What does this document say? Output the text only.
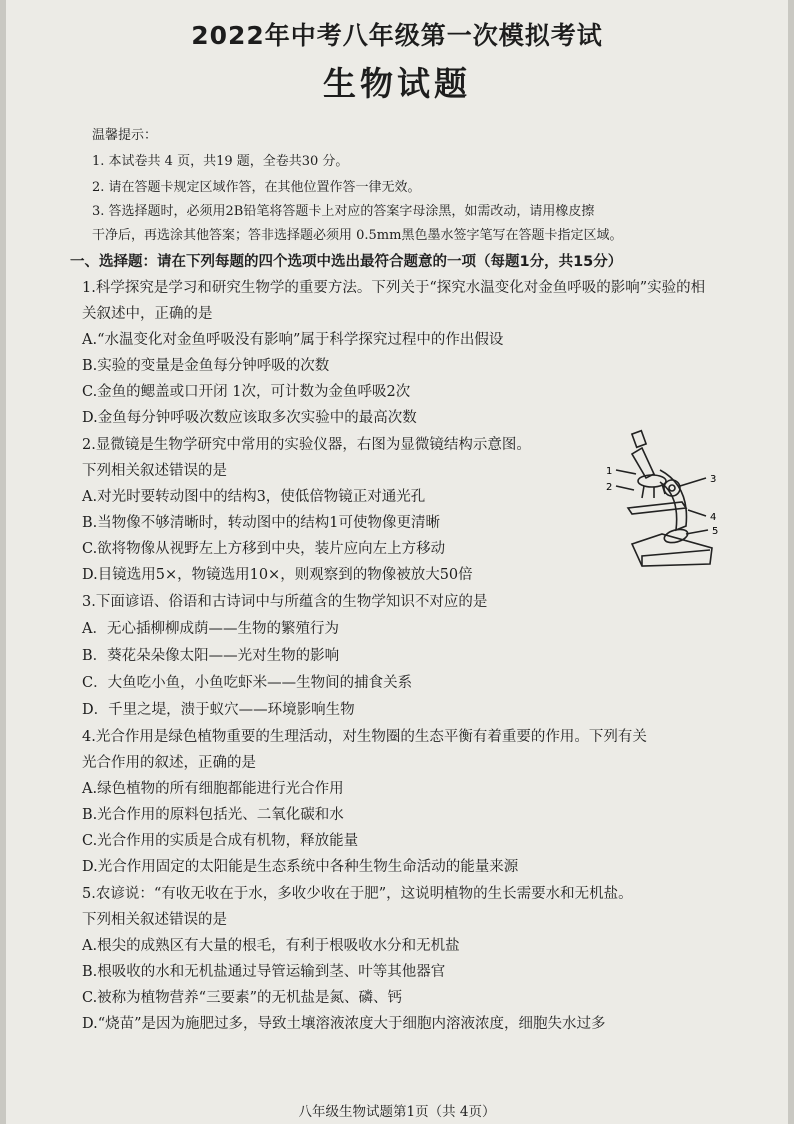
2022年中考八年级第一次模拟考试
生物试题
温馨提示：
1. 本试卷共 4 页，共19 题，全卷共30 分。
2. 请在答题卡规定区域作答，在其他位置作答一律无效。
3. 答选择题时，必须用2B铅笔将答题卡上对应的答案字母涂黑，如需改动，请用橡皮擦
干净后，再选涂其他答案；答非选择题必须用 0.5mm黑色墨水签字笔写在答题卡指定区域。
一、选择题：请在下列每题的四个选项中选出最符合题意的一项（每题1分，共15分）
1.科学探究是学习和研究生物学的重要方法。下列关于“探究水温变化对金鱼呼吸的影响”实验的相
关叙述中，正确的是
A.“水温变化对金鱼呼吸没有影响”属于科学探究过程中的作出假设
B.实验的变量是金鱼每分钟呼吸的次数
C.金鱼的鳃盖或口开闭 1次，可计数为金鱼呼吸2次
D.金鱼每分钟呼吸次数应该取多次实验中的最高次数
2.显微镜是生物学研究中常用的实验仪器，右图为显微镜结构示意图。
下列相关叙述错误的是
A.对光时要转动图中的结构3，使低倍物镜正对通光孔
B.当物像不够清晰时，转动图中的结构1可使物像更清晰
C.欲将物像从视野左上方移到中央，装片应向左上方移动
D.目镜选用5×，物镜选用10×，则观察到的物像被放大50倍
1
2
3
4
5
3.下面谚语、俗语和古诗词中与所蕴含的生物学知识不对应的是
A．无心插柳柳成荫——生物的繁殖行为
B．葵花朵朵像太阳——光对生物的影响
C．大鱼吃小鱼，小鱼吃虾米——生物间的捕食关系
D．千里之堤，溃于蚁穴——环境影响生物
4.光合作用是绿色植物重要的生理活动，对生物圈的生态平衡有着重要的作用。下列有关
光合作用的叙述，正确的是
A.绿色植物的所有细胞都能进行光合作用
B.光合作用的原料包括光、二氧化碳和水
C.光合作用的实质是合成有机物，释放能量
D.光合作用固定的太阳能是生态系统中各种生物生命活动的能量来源
5.农谚说：“有收无收在于水，多收少收在于肥”，这说明植物的生长需要水和无机盐。
下列相关叙述错误的是
A.根尖的成熟区有大量的根毛，有利于根吸收水分和无机盐
B.根吸收的水和无机盐通过导管运输到茎、叶等其他器官
C.被称为植物营养“三要素”的无机盐是氮、磷、钙
D.“烧苗”是因为施肥过多，导致土壤溶液浓度大于细胞内溶液浓度，细胞失水过多
八年级生物试题第1页（共 4页）
